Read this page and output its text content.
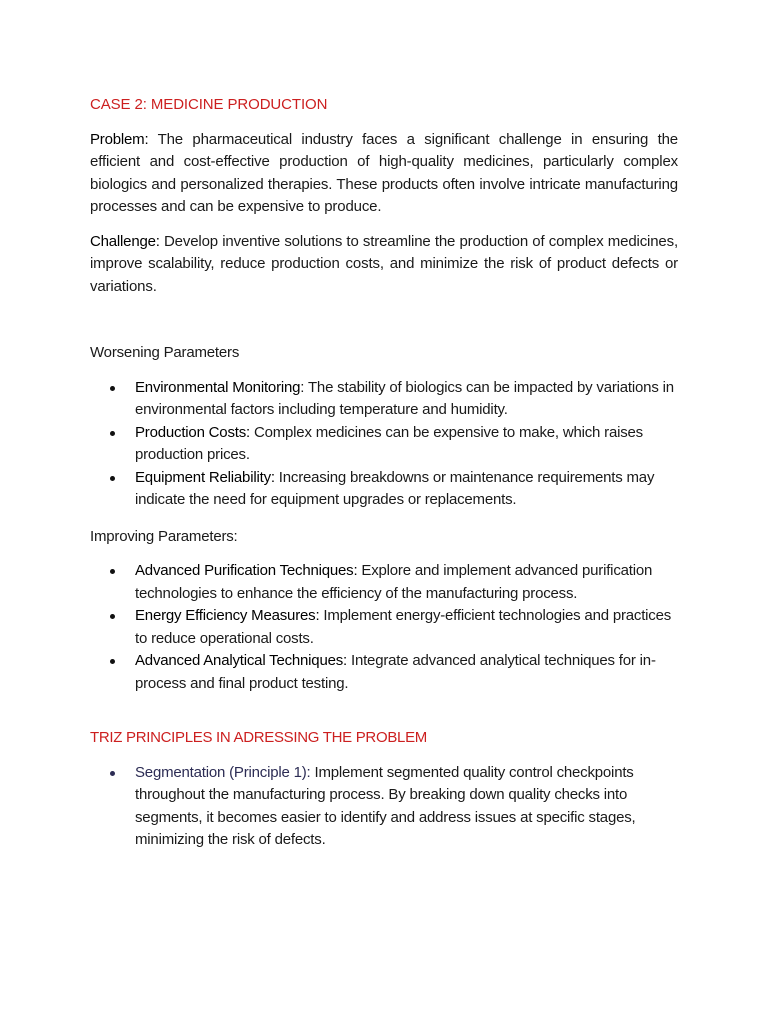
CASE 2: MEDICINE PRODUCTION

Problem: The pharmaceutical industry faces a significant challenge in ensuring the efficient and cost-effective production of high-quality medicines, particularly complex biologics and personalized therapies. These products often involve intricate manufacturing processes and can be expensive to produce.

Challenge: Develop inventive solutions to streamline the production of complex medicines, improve scalability, reduce production costs, and minimize the risk of product defects or variations.

Worsening Parameters
Environmental Monitoring: The stability of biologics can be impacted by variations in environmental factors including temperature and humidity.
Production Costs: Complex medicines can be expensive to make, which raises production prices.
Equipment Reliability: Increasing breakdowns or maintenance requirements may indicate the need for equipment upgrades or replacements.
Improving Parameters:
Advanced Purification Techniques: Explore and implement advanced purification technologies to enhance the efficiency of the manufacturing process.
Energy Efficiency Measures: Implement energy-efficient technologies and practices to reduce operational costs.
Advanced Analytical Techniques: Integrate advanced analytical techniques for in-process and final product testing.
TRIZ PRINCIPLES IN ADRESSING THE PROBLEM
Segmentation (Principle 1): Implement segmented quality control checkpoints throughout the manufacturing process. By breaking down quality checks into segments, it becomes easier to identify and address issues at specific stages, minimizing the risk of defects.
